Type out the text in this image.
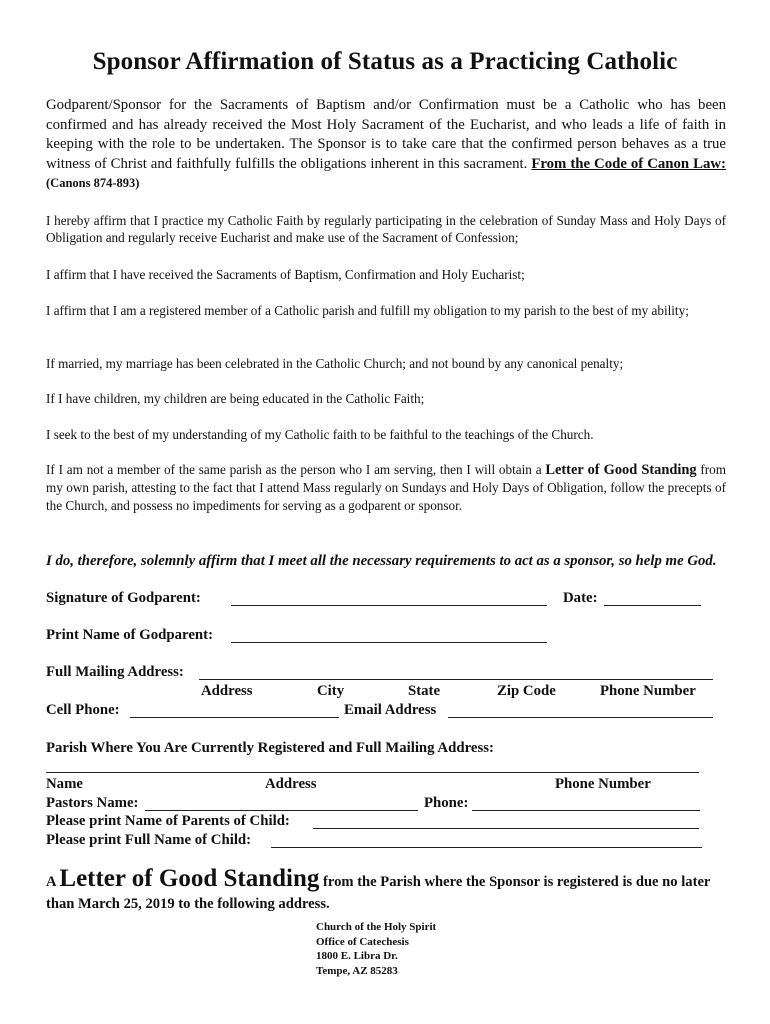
Sponsor Affirmation of Status as a Practicing Catholic
Godparent/Sponsor for the Sacraments of Baptism and/or Confirmation must be a Catholic who has been confirmed and has already received the Most Holy Sacrament of the Eucharist, and who leads a life of faith in keeping with the role to be undertaken. The Sponsor is to take care that the confirmed person behaves as a true witness of Christ and faithfully fulfills the obligations inherent in this sacrament. From the Code of Canon Law: (Canons 874-893)
I hereby affirm that I practice my Catholic Faith by regularly participating in the celebration of Sunday Mass and Holy Days of Obligation and regularly receive Eucharist and make use of the Sacrament of Confession;
I affirm that I have received the Sacraments of Baptism, Confirmation and Holy Eucharist;
I affirm that I am a registered member of a Catholic parish and fulfill my obligation to my parish to the best of my ability;
If married, my marriage has been celebrated in the Catholic Church; and not bound by any canonical penalty;
If I have children, my children are being educated in the Catholic Faith;
I seek to the best of my understanding of my Catholic faith to be faithful to the teachings of the Church.
If I am not a member of the same parish as the person who I am serving, then I will obtain a Letter of Good Standing from my own parish, attesting to the fact that I attend Mass regularly on Sundays and Holy Days of Obligation, follow the precepts of the Church, and possess no impediments for serving as a godparent or sponsor.
I do, therefore, solemnly affirm that I meet all the necessary requirements to act as a sponsor, so help me God.
Signature of Godparent:	Date:
Print Name of Godparent:
Full Mailing Address:
Address	City	State	Zip Code	Phone Number
Cell Phone:	Email Address
Parish Where You Are Currently Registered and Full Mailing Address:
Name	Address	Phone Number
Pastors Name:	Phone:
Please print Name of Parents of Child:
Please print Full Name of Child:
A Letter of Good Standing from the Parish where the Sponsor is registered is due no later than March 25, 2019 to the following address.
Church of the Holy Spirit
Office of Catechesis
1800 E. Libra Dr.
Tempe, AZ 85283
